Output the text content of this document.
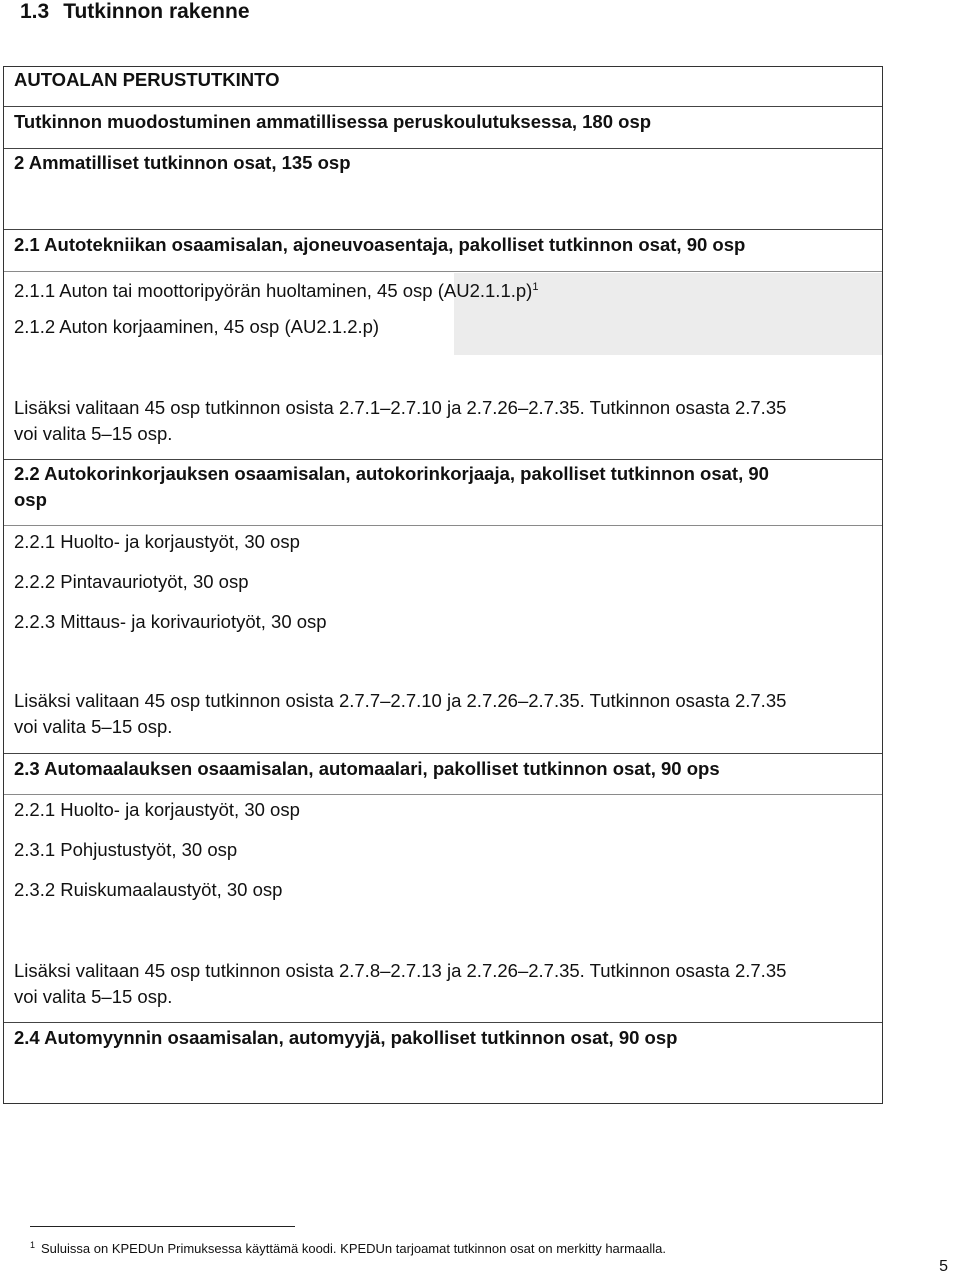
1.3 Tutkinnon rakenne
AUTOALAN PERUSTUTKINTO
Tutkinnon muodostuminen ammatillisessa peruskoulutuksessa, 180 osp
2 Ammatilliset tutkinnon osat, 135 osp
2.1 Autotekniikan osaamisalan, ajoneuvoasentaja, pakolliset tutkinnon osat, 90 osp
2.1.1 Auton tai moottoripyörän huoltaminen, 45 osp (AU2.1.1.p)$^1$
2.1.2 Auton korjaaminen, 45 osp (AU2.1.2.p)
Lisäksi valitaan 45 osp tutkinnon osista 2.7.1–2.7.10 ja 2.7.26–2.7.35. Tutkinnon osasta 2.7.35
voi valita 5–15 osp.
2.2 Autokorinkorjauksen osaamisalan, autokorinkorjaaja, pakolliset tutkinnon osat, 90
osp
2.2.1 Huolto- ja korjaustyöt, 30 osp
2.2.2 Pintavauriotyöt, 30 osp
2.2.3 Mittaus- ja korivauriotyöt, 30 osp
Lisäksi valitaan 45 osp tutkinnon osista 2.7.7–2.7.10 ja 2.7.26–2.7.35. Tutkinnon osasta 2.7.35
voi valita 5–15 osp.
2.3 Automaalauksen osaamisalan, automaalari, pakolliset tutkinnon osat, 90 ops
2.2.1 Huolto- ja korjaustyöt, 30 osp
2.3.1 Pohjustustyöt, 30 osp
2.3.2 Ruiskumaalaustyöt, 30 osp
Lisäksi valitaan 45 osp tutkinnon osista 2.7.8–2.7.13 ja 2.7.26–2.7.35. Tutkinnon osasta 2.7.35
voi valita 5–15 osp.
2.4 Automyynnin osaamisalan, automyyjä, pakolliset tutkinnon osat, 90 osp
$^1$ Suluissa on KPEDUn Primuksessa käyttämä koodi. KPEDUn tarjoamat tutkinnon osat on merkitty harmaalla.
5
